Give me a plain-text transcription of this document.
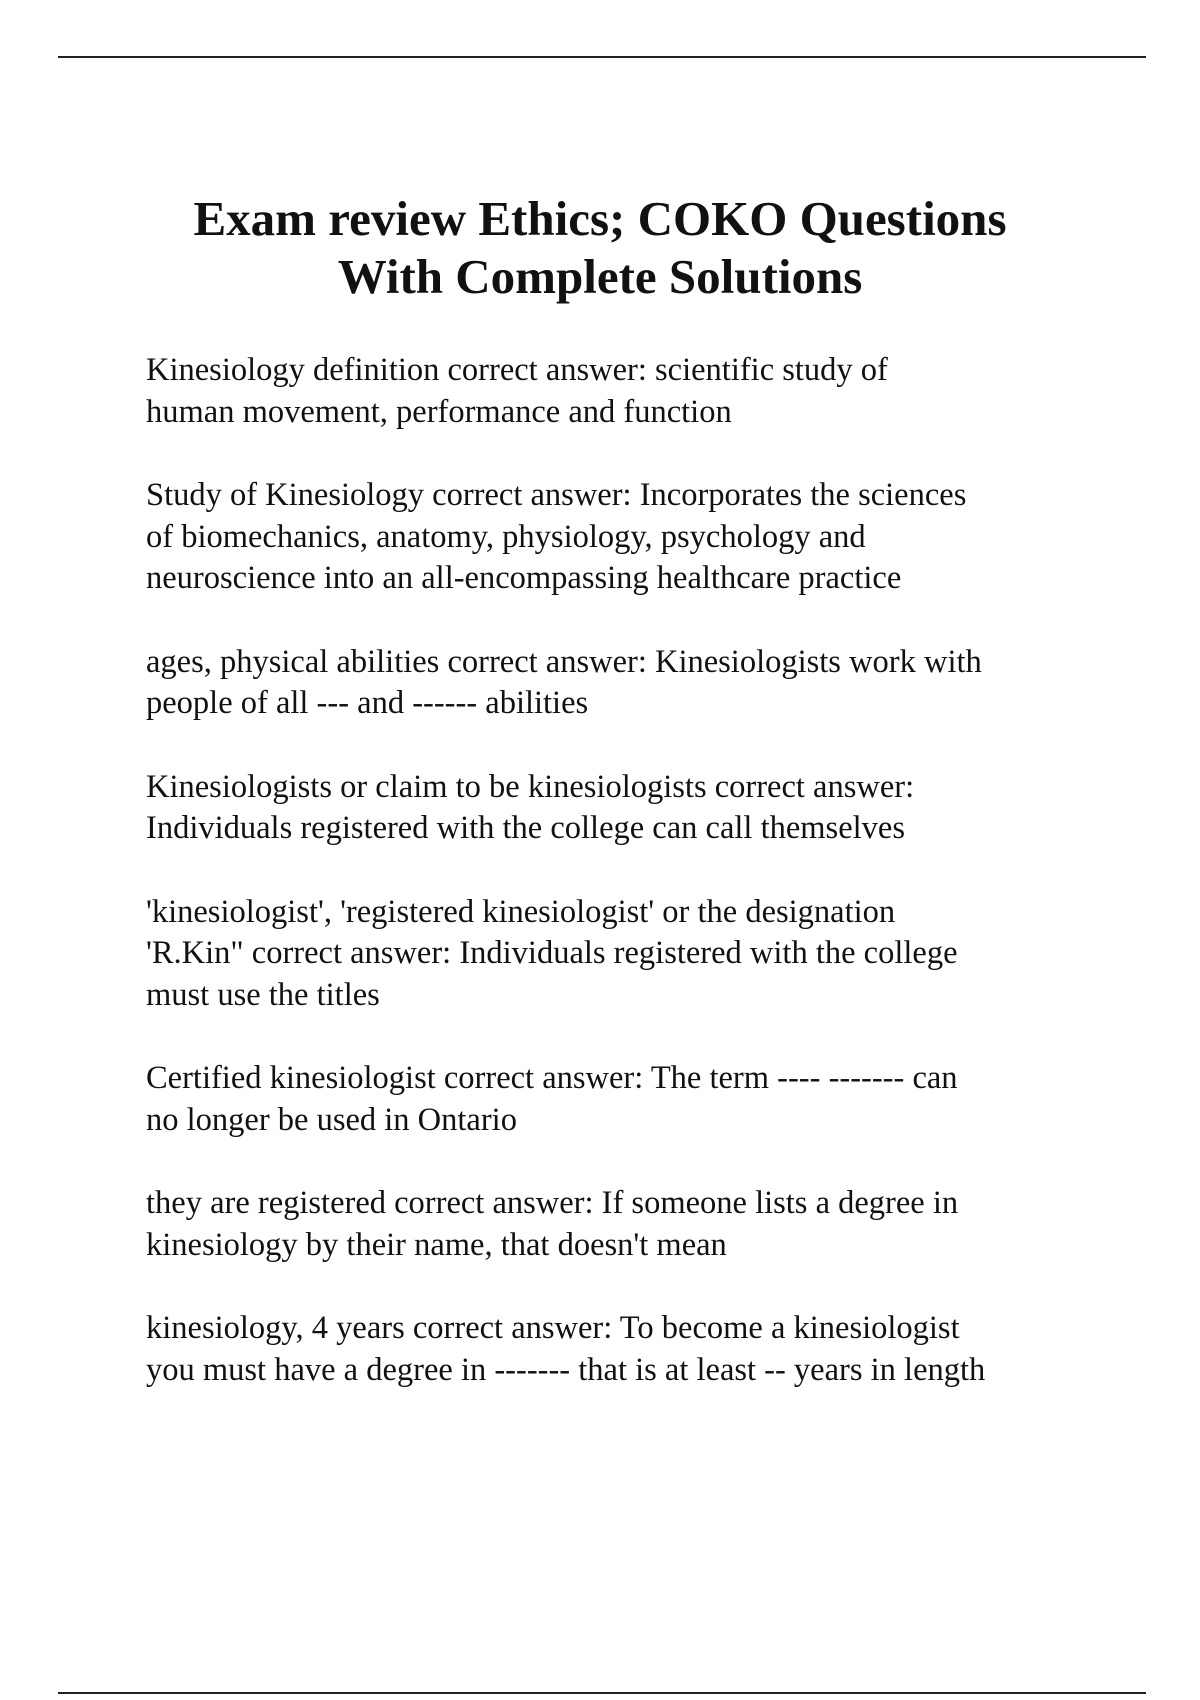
Exam review Ethics; COKO Questions
With Complete Solutions
Kinesiology definition correct answer: scientific study of
human movement, performance and function
Study of Kinesiology correct answer: Incorporates the sciences
of biomechanics, anatomy, physiology, psychology and
neuroscience into an all-encompassing healthcare practice
ages, physical abilities correct answer: Kinesiologists work with
people of all --- and ------ abilities
Kinesiologists or claim to be kinesiologists correct answer:
Individuals registered with the college can call themselves
'kinesiologist', 'registered kinesiologist' or the designation
'R.Kin" correct answer: Individuals registered with the college
must use the titles
Certified kinesiologist correct answer: The term ---- ------- can
no longer be used in Ontario
they are registered correct answer: If someone lists a degree in
kinesiology by their name, that doesn't mean
kinesiology, 4 years correct answer: To become a kinesiologist
you must have a degree in ------- that is at least -- years in length
